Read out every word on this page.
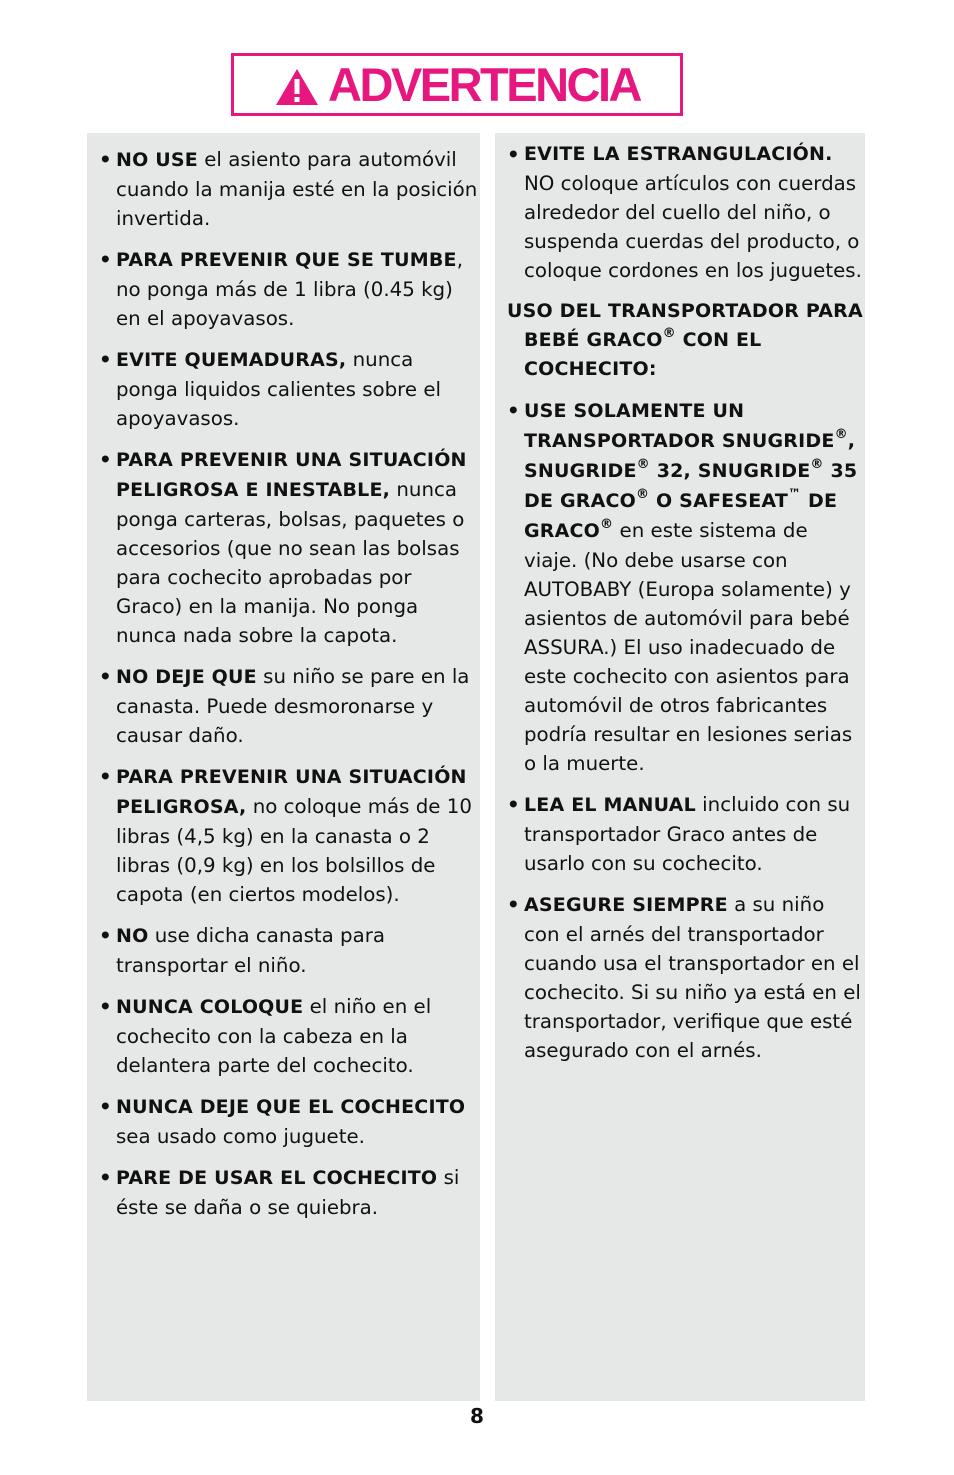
ADVERTENCIA
• NO USE el asiento para automóvil cuando la manija esté en la posición invertida.
• PARA PREVENIR QUE SE TUMBE, no ponga más de 1 libra (0.45 kg) en el apoyavasos.
• EVITE QUEMADURAS, nunca ponga liquidos calientes sobre el apoyavasos.
• PARA PREVENIR UNA SITUACIÓN PELIGROSA E INESTABLE, nunca ponga carteras, bolsas, paquetes o accesorios (que no sean las bolsas para cochecito aprobadas por Graco) en la manija. No ponga nunca nada sobre la capota.
• NO DEJE QUE su niño se pare en la canasta. Puede desmoronarse y causar daño.
• PARA PREVENIR UNA SITUACIÓN PELIGROSA, no coloque más de 10 libras (4,5 kg) en la canasta o 2 libras (0,9 kg) en los bolsillos de capota (en ciertos modelos).
• NO use dicha canasta para transportar el niño.
• NUNCA COLOQUE el niño en el cochecito con la cabeza en la delantera parte del cochecito.
• NUNCA DEJE QUE EL COCHECITO sea usado como juguete.
• PARE DE USAR EL COCHECITO si éste se daña o se quiebra.
• EVITE LA ESTRANGULACIÓN.
NO coloque artículos con cuerdas alrededor del cuello del niño, o suspenda cuerdas del producto, o coloque cordones en los juguetes.
USO DEL TRANSPORTADOR PARA BEBÉ GRACO® CON EL COCHECITO:
• USE SOLAMENTE UN TRANSPORTADOR SNUGRIDE®, SNUGRIDE® 32, SNUGRIDE® 35 DE GRACO® O SAFESEAT™ DE GRACO® en este sistema de viaje. (No debe usarse con AUTOBABY (Europa solamente) y asientos de automóvil para bebé ASSURA.) El uso inadecuado de este cochecito con asientos para automóvil de otros fabricantes podría resultar en lesiones serias o la muerte.
• LEA EL MANUAL incluido con su transportador Graco antes de usarlo con su cochecito.
• ASEGURE SIEMPRE a su niño con el arnés del transportador cuando usa el transportador en el cochecito. Si su niño ya está en el transportador, verifique que esté asegurado con el arnés.
8
